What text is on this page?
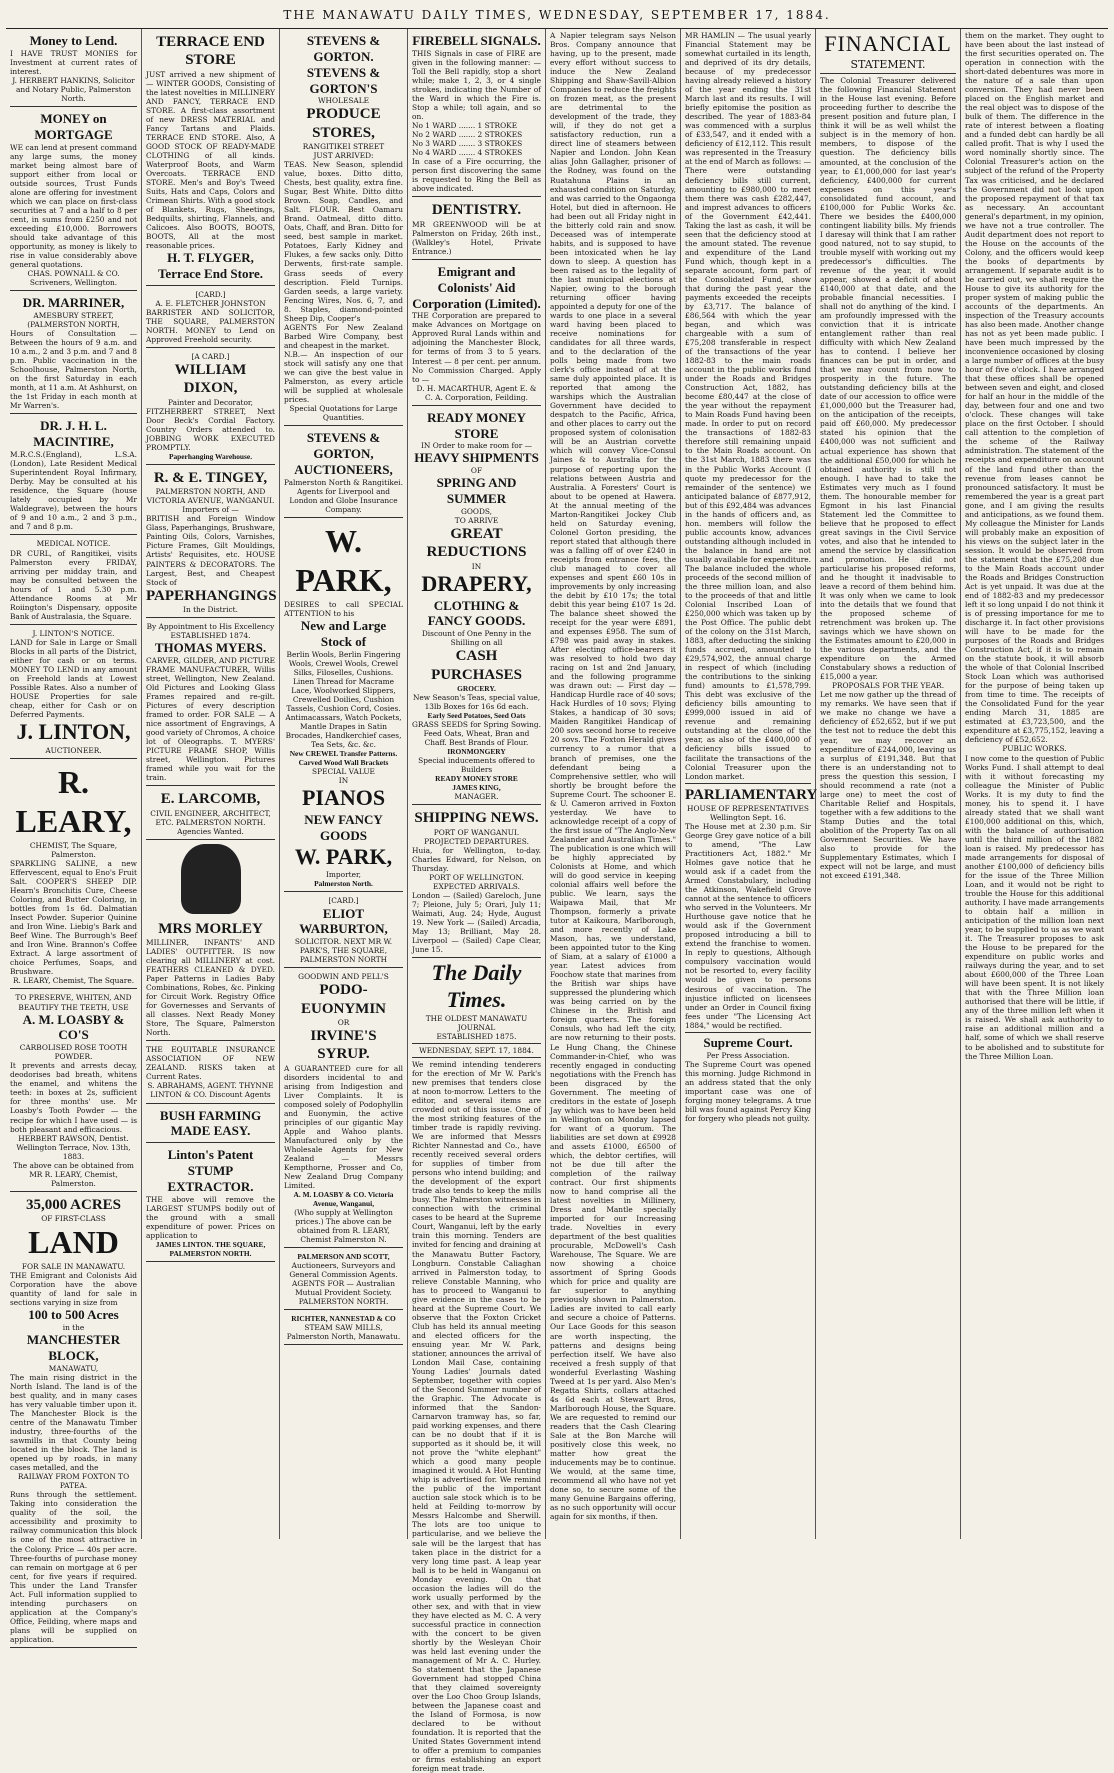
THE MANAWATU DAILY TIMES, WEDNESDAY, SEPTEMBER 17, 1884.
Money to Lend.
I HAVE TRUST MONIES for Investment at current rates of interest.
J. HERBERT HANKINS, Solicitor and Notary Public, Palmerston North.
MONEY on MORTGAGE
WE can lend at present command any large sums, the money market being almost bare of support either from local or outside sources, Trust Funds alone are offering for investment which we can place on first-class securities at 7 and a half to 8 per cent, in sums from £250 and not exceeding £10,000. Borrowers should take advantage of this opportunity, as money is likely to rise in value considerably above general quotations.
CHAS. POWNALL & CO. Scriveners, Wellington.
DR. MARRINER,
AMESBURY STREET, (PALMERSTON NORTH,
Hours of Consultation — Between the hours of 9 a.m. and 10 a.m., 2 and 3 p.m. and 7 and 8 p.m. Public vaccination in the Schoolhouse, Palmerston North, on the first Saturday in each month, at 11 a.m. At Ashhurst, on the 1st Friday in each month at Mr Warren's.
DR. J. H. L. MACINTIRE,
M.R.C.S.(England), L.S.A. (London), Late Resident Medical Superintendent Royal Infirmary, Derby. May be consulted at his residence, the Square (house lately occupied by Mr Waldegrave), between the hours of 9 and 10 a.m., 2 and 3 p.m., and 7 and 8 p.m.
MEDICAL NOTICE.
DR CURL, of Rangitikei, visits Palmerston every FRIDAY, arriving per midday train, and may be consulted between the hours of 1 and 5.30 p.m. Attendance Rooms at Mr Roiington's Dispensary, opposite Bank of Australasia, the Square.
J. LINTON'S NOTICE.
LAND for Sale in Large or Small Blocks in all parts of the District, either for cash or on terms. MONEY TO LEND in any amount on Freehold lands at Lowest Possible Rates. Also a number of HOUSE Properties for sale cheap, either for Cash or on Deferred Payments.
J. LINTON,
AUCTIONEER.
R. LEARY,
CHEMIST, The Square, Palmerston.
SPARKLING SALINE, a new Effervescent, equal to Eno's Fruit Salt. COOPER'S SHEEP DIP. Hearn's Bronchitis Cure, Cheese Coloring, and Butter Coloring, in bottles from 1s 6d. Dalmatian Insect Powder. Superior Quinine and Iron Wine. Liebig's Bark and Beef Wine. The Burrough's Beef and Iron Wine. Brannon's Coffee Extract. A large assortment of choice Perfumes, Soaps, and Brushware.
R. LEARY, Chemist, The Square.
TO PRESERVE, WHITEN, AND BEAUTIFY THE TEETH, USE
A. M. LOASBY & CO'S
CARBOLISED ROSE TOOTH POWDER.
It prevents and arrests decay, deodorises bad breath, whitens the enamel, and whitens the teeth: in boxes at 2s, sufficient for three months' use. Mr Loasby's Tooth Powder — the recipe for which I have used — is both pleasant and efficacious.
HERBERT RAWSON, Dentist. Wellington Terrace, Nov. 13th, 1883.
The above can be obtained from MR R. LEARY, Chemist, Palmerston.
35,000 ACRES
OF FIRST-CLASS
LAND
FOR SALE IN MANAWATU.
THE Emigrant and Colonists Aid Corporation have the above quantity of land for sale in sections varying in size from
100 to 500 Acres
in the
MANCHESTER BLOCK,
MANAWATU,
The main rising district in the North Island. The land is of the best quality, and in many cases has very valuable timber upon it. The Manchester Block is the centre of the Manawatu Timber industry, three-fourths of the sawmills in that County being located in the block. The land is opened up by roads, in many cases metalled, and the
RAILWAY FROM FOXTON TO PATEA.
Runs through the settlement. Taking into consideration the quality of the soil, the accessibility and proximity to railway communication this block is one of the most attractive in the Colony. Price — 40s per acre. Three-fourths of purchase money can remain on mortgage at 6 per cent, for five years if required. This under the Land Transfer Act. Full information supplied to intending purchasers on application at the Company's Office, Feilding, where maps and plans will be supplied on application.
TERRACE END STORE
JUST arrived a new shipment of — WINTER GOODS, Consisting of the latest novelties in MILLINERY AND FANCY, TERRACE END STORE. A first-class assortment of new DRESS MATERIAL and Fancy Tartans and Plaids. TERRACE END STORE. Also, A GOOD STOCK OF READY-MADE CLOTHING of all kinds. Waterproof Boots, and Warm Overcoats. TERRACE END STORE. Men's and Boy's Tweed Suits, Hats and Caps, Colors and Crimean Shirts. With a good stock of Blankets, Rugs, Sheetings, Bedquilts, shirting, Flannels, and Calicoes. Also BOOTS, BOOTS, BOOTS, All at the most reasonable prices.
H. T. FLYGER, Terrace End Store.
[CARD.]
A. E. FLETCHER JOHNSTON
BARRISTER AND SOLICITOR, THE SQUARE, PALMERSTON NORTH. MONEY to Lend on Approved Freehold security.
[A CARD.]
WILLIAM DIXON,
Painter and Decorator,
FITZHERBERT STREET, Next Door Beck's Cordial Factory. Country Orders attended to. JOBBING WORK EXECUTED PROMPTLY.
Paperhanging Warehouse.
R. & E. TINGEY,
PALMERSTON NORTH, AND VICTORIA AVENUE, WANGANUI.
Importers of —
BRITISH and Foreign Window Glass, Paperhangings, Brushware, Painting Oils, Colors, Varnishes, Picture Frames, Gilt Mouldings, Artists' Requisites, etc. HOUSE PAINTERS & DECORATORS. The Largest, Best, and Cheapest Stock of
PAPERHANGINGS
In the District.
By Appointment to His Excellency
ESTABLISHED 1874.
THOMAS MYERS.
CARVER, GILDER, AND PICTURE FRAME MANUFACTURER, Willis street, Wellington, New Zealand. Old Pictures and Looking Glass Frames repaired and re-gilt. Pictures of every description framed to order. FOR SALE — A nice assortment of Engravings, A good variety of Chromos, A choice lot of Oleographs. T. MYERS' PICTURE FRAME SHOP, Willis street, Wellington. Pictures framed while you wait for the train.
E. LARCOMB,
CIVIL ENGINEER, ARCHITECT, ETC. PALMERSTON NORTH.
Agencies Wanted.
MRS MORLEY
MILLINER, INFANTS' AND LADIES' OUTFITTER. IS now clearing all MILLINERY at cost. FEATHERS CLEANED & DYED. Paper Patterns in Ladies Baby Combinations, Robes, &c. Pinking for Circuit Work. Registry Office for Governesses and Servants of all classes. Next Ready Money Store, The Square, Palmerston North.
THE EQUITABLE INSURANCE ASSOCIATION OF NEW ZEALAND. RISKS taken at Current Rates.
S. ABRAHAMS, AGENT. THYNNE LINTON & CO. Discount Agents
BUSH FARMING MADE EASY.
Linton's Patent STUMP EXTRACTOR.
THE above will remove the LARGEST STUMPS bodily out of the ground with a small expenditure of power. Prices on application to
JAMES LINTON. THE SQUARE, PALMERSTON NORTH.
STEVENS & GORTON.
STEVENS & GORTON'S
WHOLESALE
PRODUCE STORES,
RANGITIKEI STREET
JUST ARRIVED:
TEAS. New Season, splendid value, boxes. Ditto ditto, Chests, best quality, extra fine. Sugar, Best White. Ditto ditto Brown. Soap, Candles, and Salt. FLOUR. Best Oamaru Brand. Oatmeal, ditto ditto. Oats, Chaff, and Bran. Ditto for seed, best sample in market. Potatoes, Early Kidney and Flukes, a few sacks only. Ditto Derwents, first-rate sample. Grass seeds of every description. Field Turnips. Garden seeds, a large variety. Fencing Wires, Nos. 6, 7, and 8. Staples, diamond-pointed Sheep Dip, Cooper's
AGENTS For New Zealand Barbed Wire Company, best and cheapest in the market.
N.B.— An inspection of our stock will satisfy any one that we can give the best value in Palmerston, as every article will be supplied at wholesale prices.
Special Quotations for Large Quantities.
STEVENS & GORTON,
AUCTIONEERS,
Palmerston North & Rangitikei. Agents for Liverpool and London and Globe Insurance Company.
W. PARK,
DESIRES to call SPECIAL ATTENTION to his
New and Large Stock of
Berlin Wools, Berlin Fingering Wools, Crewel Wools, Crewel Silks, Filoselles, Cushions. Linen Thread for Macrame Lace, Woolworked Slippers, Crewelled Doilies, Cushion Tassels, Cushion Cord, Cosies. Antimacassars, Watch Pockets, Mantle Drapes in Satin Brocades, Handkerchief cases, Tea Sets, &c. &c.
New CREWEL Transfer Patterns.
Carved Wood Wall Brackets
SPECIAL VALUE
IN
PIANOS
NEW FANCY GOODS
W. PARK,
Importer,
Palmerston North.
[CARD.]
ELIOT WARBURTON,
SOLICITOR. NEXT MR W. PARK'S, THE SQUARE, PALMERSTON NORTH
GOODWIN AND PELL'S
PODO-EUONYMIN
OR
IRVINE'S SYRUP.
A GUARANTEED cure for all disorders incidental to and arising from Indigestion and Liver Complaints. It is composed solely of Podophyllin and Euonymin, the active principles of our gigantic May Apple and Wahoo plants. Manufactured only by the Wholesale Agents for New Zealand — Messrs Kempthorne, Prosser and Co, New Zealand Drug Company Limited.
A. M. LOASBY & CO. Victoria Avenue, Wanganui,
(Who supply at Wellington prices.) The above can be obtained from R. LEARY, Chemist Palmerston N.
PALMERSON AND SCOTT,
Auctioneers, Surveyors and General Commission Agents. AGENTS FOR — Australian Mutual Provident Society. PALMERSTON NORTH.
RICHTER, NANNESTAD & CO
STEAM SAW MILLS, Palmerston North, Manawatu.
FIREBELL SIGNALS.
THIS Signals in case of FIRE are given in the following manner: —Toll the Bell rapidly, stop a short while; make 1, 2, 3, or 4 single strokes, indicating the Number of the Ward in which the Fire is. Stop a while; toll again, and so on.
No 1 WARD ....... 1 STROKE
No 2 WARD ....... 2 STROKES
No 3 WARD ....... 3 STROKES
No 4 WARD ....... 4 STROKES
In case of a Fire occurring, the person first discovering the same is requested to Ring the Bell as above indicated.
DENTISTRY.
MR GREENWOOD will be at Palmerston on Friday, 26th inst., (Walkley's Hotel, Private Entrance.)
Emigrant and Colonists' Aid Corporation (Limited).
THE Corporation are prepared to make Advances on Mortgage on Approved Rural Lands within and adjoining the Manchester Block, for terms of from 3 to 5 years. Interest — 8 per cent. per annum. No Commission Charged. Apply to —
D. H. MACARTHUR, Agent E. & C. A. Corporation, Feilding.
READY MONEY STORE
IN Order to make room for —
HEAVY SHIPMENTS
OF
SPRING AND SUMMER
GOODS,
TO ARRIVE
GREAT REDUCTIONS
IN
DRAPERY,
CLOTHING & FANCY GOODS.
Discount of One Penny in the Shilling on all
CASH PURCHASES
GROCERY.
New Season's Teas, special value, 13lb Boxes for 16s 6d each.
Early Seed Potatoes, Seed Oats
GRASS SEEDS for Spring Sowing. Feed Oats, Wheat, Bran and Chaff. Best Brands of Flour.
IRONMONGERY
Special inducements offered to Builders
READY MONEY STORE
JAMES KING,
MANAGER.
SHIPPING NEWS.
PORT OF WANGANUI.
PROJECTED DEPARTURES.
Huia, for Wellington, to-day. Charles Edward, for Nelson, on Thursday.
PORT OF WELLINGTON.
EXPECTED ARRIVALS.
London — (Sailed) Gareloch, June 7; Pleione, July 5; Orari, July 11; Waimati, Aug. 24; Hyde, August 19. New York — (Sailed) Arcadia, May 13; Brilliant, May 28. Liverpool — (Sailed) Cape Clear, June 15.
The Daily Times.
THE OLDEST MANAWATU JOURNAL
ESTABLISHED 1875.
WEDNESDAY, SEPT. 17, 1884.
We remind intending tenderers for the erection of Mr W. Park's new premises that tenders close at noon to-morrow. Letters to the editor, and several items are crowded out of this issue. One of the most striking features of the timber trade is rapidly reviving. We are informed that Messrs Richter Nannestad and Co., have recently received several orders for supplies of timber from persons who intend building; and the development of the export trade also tends to keep the mills busy. The Palmerston witnesses in connection with the criminal cases to be heard at the Supreme Court, Wanganui, left by the early train this morning. Tenders are invited for fencing and draining at the Manawatu Butter Factory, Longburn. Constable Caliaghan arrived in Palmerston today, to relieve Constable Manning, who has to proceed to Wanganui to give evidence in the cases to be heard at the Supreme Court. We observe that the Foxton Cricket Club has held its annual meeting and elected officers for the ensuing year. Mr W. Park, stationer, announces the arrival of London Mail Case, containing Young Ladies' Journals dated September, together with copies of the Second Summer number of the Graphic. The Advocate is informed that the Sandon-Carnarvon tramway has, so far, paid working expenses, and there can be no doubt that if it is supported as it should be, it will not prove the "white elephant" which a good many people imagined it would. A Hot Hunting whip is advertised for. We remind the public of the important auction sale stock which is to be held at Feilding to-morrow by Messrs Halcombe and Sherwill. The lots are too unique to particularise, and we believe the sale will be the largest that has taken place in the district for a very long time past. A leap year ball is to be held in Wanganui on Monday evening. On that occasion the ladies will do the work usually performed by the other sex, and with that in view they have elected as M. C. A very successful practice in connection with the concert to be given shortly by the Wesleyan Choir was held last evening under the management of Mr A. C. Hurley. So statement that the Japanese Government had stopped China that they claimed sovereignty over the Loo Choo Group Islands, between the Japanese coast and the Island of Formosa, is now declared to be without foundation. It is reported that the United States Government intend to offer a premium to companies or firms establishing an export foreign meat trade.
A Napier telegram says Nelson Bros. Company announce that having, up to the present, made every effort without success to induce the New Zealand Shipping and Shaw-Savill-Albion Companies to reduce the freights on frozen meat, as the present are detrimental to the development of the trade, they will, if they do not get a satisfactory reduction, run a direct line of steamers between Napier and London. John Kean alias John Gallagher, prisoner of the Rodney, was found on the Ruatahuna Plains in an exhausted condition on Saturday, and was carried to the Ongaonga Hotel, but died in afternoon. He had been out all Friday night in the bitterly cold rain and snow. Deceased was of intemperate habits, and is supposed to have been intoxicated when he lay down to sleep. A question has been raised as to the legality of the last municipal elections at Napier, owing to the borough returning officer having appointed a deputy for one of the wards to one place in a several ward having been placed to receive nominations for candidates for all three wards, and to the declaration of the polls being made from two clerk's office instead of at the same duly appointed place. It is reported that among the warships which the Australian Government have decided to despatch to the Pacific, Africa, and other places to carry out the proposed system of colonisation will be an Austrian corvette which will convey Vice-Consul Jaines & to Australia for the purpose of reporting upon the relations between Austria and Australia. A Foresters' Court is about to be opened at Hawera. At the annual meeting of the Marton-Rangitikei Jockey Club held on Saturday evening, Colonel Gorton presiding, the report stated that although there was a falling off of over £240 in receipts from entrance fees, the club managed to cover all expenses and spent £60 10s in improvements by only increasing the debit by £10 17s; the total debit this year being £107 1s 2d. The balance sheet showed the receipt for the year were £891, and expenses £958. The sum of £798 was paid away in stakes. After electing office-bearers it was resolved to hold two day racing on 1st and 2nd January, and the following programme was drawn out: — First day — Handicap Hurdle race of 40 sovs; Hack Hurdles of 10 sovs; Flying Stakes, a handicap of 30 sovs; Maiden Rangitikei Handicap of 200 sovs second horse to receive 20 sovs. The Foxton Herald gives currency to a rumor that a branch of premises, one the defendant being a Comprehensive settler, who will shortly be brought before the Supreme Court. The schooner E. & U. Cameron arrived in Foxton yesterday. We have to acknowledge receipt of a copy of the first issue of "The Anglo-New Zealander and Australian Times." The publication is one which will be highly appreciated by Colonists at Home, and which will do good service in keeping colonial affairs well before the public. We learn, says the Waipawa Mail, that Mr Thompson, formerly a private tutor at Kaikoura, Marlborough, and more recently of Lake Mason, has, we understand, been appointed tutor to the King of Siam, at a salary of £1000 a year. Latest advices from Foochow state that marines from the British war ships have suppressed the plundering which was being carried on by the Chinese in the British and foreign quarters. The foreign Consuls, who had left the city, are now returning to their posts. Le Hung Chang, the Chinese Commander-in-Chief, who was recently engaged in conducting negotiations with the French has been disgraced by the Government. The meeting of creditors in the estate of Joseph Jay which was to have been held in Wellington on Monday lapsed for want of a quorum. The liabilities are set down at £9928 and assets £1000, £6500 of which, the debtor certifies, will not be due till after the completion of the railway contract. Our first shipments now to hand comprise all the latest novelties in Millinery, Dress and Mantle specially imported for our Increasing trade. Novelties in every department of the best qualities procurable, McDowell's Cash Warehouse, The Square. We are now showing a choice assortment of Spring Goods which for price and quality are far superior to anything previously shown in Palmerston. Ladies are invited to call early and secure a choice of Patterns. Our Lace Goods for this season are worth inspecting, the patterns and designs being perfection itself. We have also received a fresh supply of that wonderful Everlasting Washing Tweed at 1s per yard. Also Men's Regatta Shirts, collars attached 4s 6d each at Stewart Bros, Marlborough House, the Square. We are requested to remind our readers that the Cash Clearing Sale at the Bon Marche will positively close this week, no matter how great the inducements may be to continue. We would, at the same time, recommend all who have not yet done so, to secure some of the many Genuine Bargains offering, as no such opportunity will occur again for six months, if then.
MR HAMLIN — The usual yearly Financial Statement may be somewhat curtailed in its length, and deprived of its dry details, because of my predecessor having already relieved a history of the year ending the 31st March last and its results. I will briefly epitomise the position as described. The year of 1883-84 was commenced with a surplus of £33,547, and it ended with a deficiency of £12,112. This result was represented in the Treasury at the end of March as follows: — There were outstanding deficiency bills still current, amounting to £980,000 to meet them there was cash £282,447, and imprest advances to officers of the Government £42,441. Taking the last as cash, it will be seen that the deficiency stood at the amount stated. The revenue and expenditure of the Land Fund which, though kept in a separate account, form part of the Consolidated Fund, show that during the past year the payments exceeded the receipts by £3,717. The balance of £86,564 with which the year began, and which was chargeable with a sum of £75,208 transferable in respect of the transactions of the year 1882-83 to the main roads account in the public works fund under the Roads and Bridges Construction Act, 1882, has become £80,447 at the close of the year without the repayment to Main Roads Fund having been made. In order to put on record the transactions of 1882-83 therefore still remaining unpaid to the Main Roads account. On the 31st March, 1883 there was in the Public Works Account (I quote my predecessor for the remainder of the sentence) we anticipated balance of £877,912, but of this £92,484 was advances in the hands of officers and, as hon. members will follow the public accounts know, advances outstanding although included in the balance in hand are not usually available for expenditure. The balance included the whole proceeds of the second million of the three million loan, and also to the proceeds of that and little Colonial Inscribed Loan of £250,000 which was taken up by the Post Office. The public debt of the colony on the 31st March, 1883, after deducting the sinking funds accrued, amounted to £29,574,902, the annual charge in respect of which (including the contributions to the sinking fund) amounts to £1,578,799. This debt was exclusive of the deficiency bills amounting to £999,000 issued in aid of revenue and remaining outstanding at the close of the year, as also of the £400,000 of deficiency bills issued to facilitate the transactions of the Colonial Treasurer upon the London market.
PARLIAMENTARY
HOUSE OF REPRESENTATIVES
Wellington Sept. 16.
The House met at 2.30 p.m. Sir George Grey gave notice of a bill to amend, "The Law Practitioners Act, 1882." Mr Holmes gave notice that he would ask if a cadet from the Armed Constabulary, including the Atkinson, Wakefield Grove cannot at the sentence to officers who served in the Volunteers. Mr Hurthouse gave notice that he would ask if the Government proposed introducing a bill to extend the franchise to women. In reply to questions, Although compulsory vaccination would not be resorted to, every facility would be given to persons desirous of vaccination. The injustice inflicted on licensees under an Order in Council fixing fees under "The Licensing Act 1884," would be rectified.
Supreme Court.
Per Press Association.
The Supreme Court was opened this morning. Judge Richmond in an address stated that the only important case was one of forging money telegrams. A true bill was found against Percy King for forgery who pleads not guilty.
FINANCIAL
STATEMENT.
The Colonial Treasurer delivered the following Financial Statement in the House last evening. Before proceeding further to describe the present position and future plan, I think it will be as well whilst the subject is in the memory of hon. members, to dispose of the question. The deficiency bills amounted, at the conclusion of the year, to £1,000,000 for last year's deficiency, £400,000 for current expenses on this year's consolidated fund account, and £100,000 for Public Works &c. There we besides the £400,000 contingent liability bills. My friends I daresay will think that I am rather good natured, not to say stupid, to trouble myself with working out my predecessor's difficulties. The revenue of the year, it would appear, showed a deficit of about £140,000 at that date, and the probable financial necessities. I shall not do anything of the kind. I am profoundly impressed with the conviction that it is intricate entanglement rather than real difficulty with which New Zealand has to contend. I believe her finances can be put in order, and that we may count from now to prosperity in the future. The outstanding deficiency bills at the date of our accession to office were £1,000,000 but the Treasurer had, on the anticipation of the receipts, paid off £60,000. My predecessor stated his opinion that the £400,000 was not sufficient and actual experience has shown that the additional £50,000 for which he obtained authority is still not enough. I have had to take the Estimates very much as I found them. The honourable member for Egmont in his last Financial Statement led the Committee to believe that he proposed to effect great savings in the Civil Service votes, and also that he intended to amend the service by classification and promotion. He did not particularise his proposed reforms, and he thought it inadvisable to leave a record of them behind him. It was only when we came to look into the details that we found that the proposed scheme of retrenchment was broken up. The savings which we have shown on the Estimates amount to £20,000 in the various departments, and the expenditure on the Armed Constabulary shows a reduction of £15,000 a year.
PROPOSALS FOR THE YEAR.
Let me now gather up the thread of my remarks. We have seen that if we make no change we have a deficiency of £52,652, but if we put the test not to reduce the debt this year, we may recover an expenditure of £244,000, leaving us a surplus of £191,348. But that there is an understanding not to press the question this session, I should recommend a rate (not a large one) to meet the cost of Charitable Relief and Hospitals, together with a few additions to the Stamp Duties and the total abolition of the Property Tax on all Government Securities. We have also to provide for the Supplementary Estimates, which I expect will not be large, and must not exceed £191,348.
them on the market. They ought to have been about the last instead of the first securities operated on. The operation in connection with the short-dated debentures was more in the nature of a sale than upon conversion. They had never been placed on the English market and the real object was to dispose of the bulk of them. The difference in the rate of interest between a floating and a funded debt can hardly be all called profit. That is why I used the word nominally shortly since. The Colonial Treasurer's action on the subject of the refund of the Property Tax was criticised, and he declared the Government did not look upon the proposed repayment of that tax as necessary. An accountant general's department, in my opinion, we have not a true controller. The Audit department does not report to the House on the accounts of the Colony, and the officers would keep the books of departments by arrangement. If separate audit is to be carried out, we shall require the House to give its authority for the proper system of making public the accounts of the departments. An inspection of the Treasury accounts has also been made. Another change has not as yet been made public. I have been much impressed by the inconvenience occasioned by closing a large number of offices at the busy hour of five o'clock. I have arranged that these offices shall be opened between seven and eight, and closed for half an hour in the middle of the day, between four and one and two o'clock. These changes will take place on the first October. I should call attention to the completion of the scheme of the Railway administration. The statement of the receipts and expenditure on account of the land fund other than the revenue from leases cannot be pronounced satisfactory. It must be remembered the year is a great part gone, and I am giving the results and anticipations, as we found them. My colleague the Minister for Lands will probably make an exposition of his views on the subject later in the session. It would be observed from the statement that the £75,208 due to the Main Roads account under the Roads and Bridges Construction Act is yet unpaid. It was due at the end of 1882-83 and my predecessor left it so long unpaid I do not think it is of pressing importance for me to discharge it. In fact other provisions will have to be made for the purposes of the Roads and Bridges Construction Act, if it is to remain on the statute book, it will absorb the whole of that Colonial Inscribed Stock Loan which was authorised for the purpose of being taken up from time to time. The receipts of the Consolidated Fund for the year ending March 31, 1885 are estimated at £3,723,500, and the expenditure at £3,775,152, leaving a deficiency of £52,652.
PUBLIC WORKS.
I now come to the question of Public Works Fund. I shall attempt to deal with it without forecasting my colleague the Minister of Public Works. It is my duty to find the money, his to spend it. I have already stated that we shall want £100,000 additional on this, which, with the balance of authorisation until the third million of the 1882 loan is raised. My predecessor has made arrangements for disposal of another £100,000 of deficiency bills for the issue of the Three Million Loan, and it would not be right to trouble the House for this additional authority. I have made arrangements to obtain half a million in anticipation of the million loan next year, to be supplied to us as we want it. The Treasurer proposes to ask the House to be prepared for the expenditure on public works and railways during the year, and to set about £600,000 of the Three Loan will have been spent. It is not likely that with the Three Million loan authorised that there will be little, if any of the three million left when it is raised. We shall ask authority to raise an additional million and a half, some of which we shall reserve to be abolished and to substitute for the Three Million Loan.
